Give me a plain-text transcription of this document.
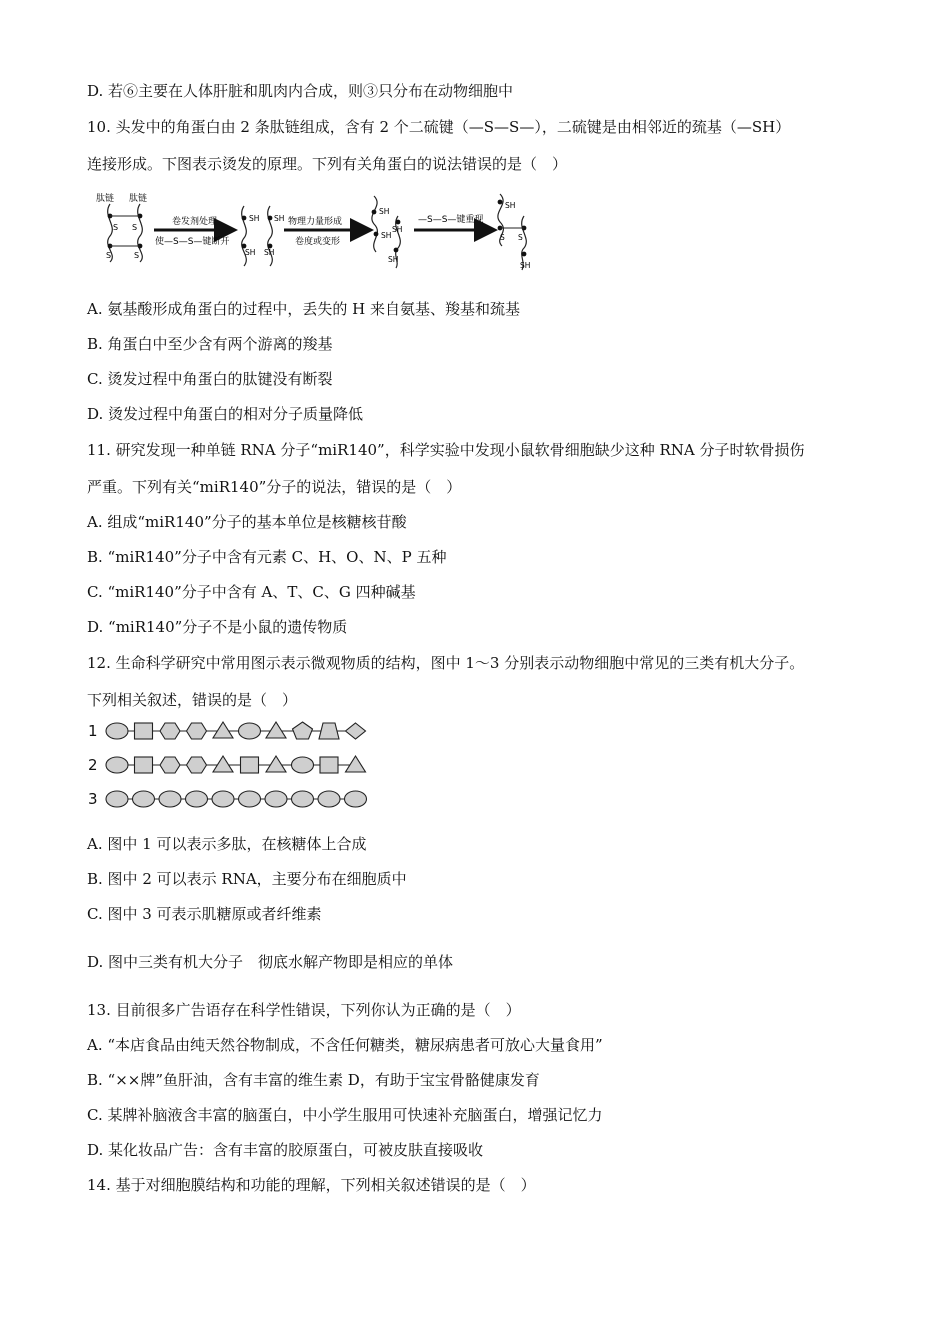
D. 若⑥主要在人体肝脏和肌肉内合成，则③只分布在动物细胞中
10. 头发中的角蛋白由 2 条肽链组成，含有 2 个二硫键（—S—S—），二硫键是由相邻近的巯基（—SH）
连接形成。下图表示烫发的原理。下列有关角蛋白的说法错误的是（　）
肽链 肽链
S S
S	S
卷发剂处理
使—S—S—键断开
SH SH
SH SH
物理力量形成
卷度或变形
SH
SH
SH
SH
—S—S—键重现
SH
S S
SH
A. 氨基酸形成角蛋白的过程中，丢失的 H 来自氨基、羧基和巯基
B. 角蛋白中至少含有两个游离的羧基
C. 烫发过程中角蛋白的肽键没有断裂
D. 烫发过程中角蛋白的相对分子质量降低
11. 研究发现一种单链 RNA 分子“miR140”，科学实验中发现小鼠软骨细胞缺少这种 RNA 分子时软骨损伤
严重。下列有关“miR140”分子的说法，错误的是（　）
A. 组成“miR140”分子的基本单位是核糖核苷酸
B. “miR140”分子中含有元素 C、H、O、N、P 五种
C. “miR140”分子中含有 A、T、C、G 四种碱基
D. “miR140”分子不是小鼠的遗传物质
12. 生命科学研究中常用图示表示微观物质的结构，图中 1～3 分别表示动物细胞中常见的三类有机大分子。
下列相关叙述，错误的是（　）
1
2
3
A. 图中 1 可以表示多肽，在核糖体上合成
B. 图中 2 可以表示 RNA，主要分布在细胞质中
C. 图中 3 可表示肌糖原或者纤维素
D. 图中三类有机大分子　彻底水解产物即是相应的单体
13. 目前很多广告语存在科学性错误，下列你认为正确的是（　）
A. “本店食品由纯天然谷物制成，不含任何糖类，糖尿病患者可放心大量食用”
B. “××牌”鱼肝油，含有丰富的维生素 D，有助于宝宝骨骼健康发育
C. 某牌补脑液含丰富的脑蛋白，中小学生服用可快速补充脑蛋白，增强记忆力
D. 某化妆品广告：含有丰富的胶原蛋白，可被皮肤直接吸收
14. 基于对细胞膜结构和功能的理解，下列相关叙述错误的是（　）
